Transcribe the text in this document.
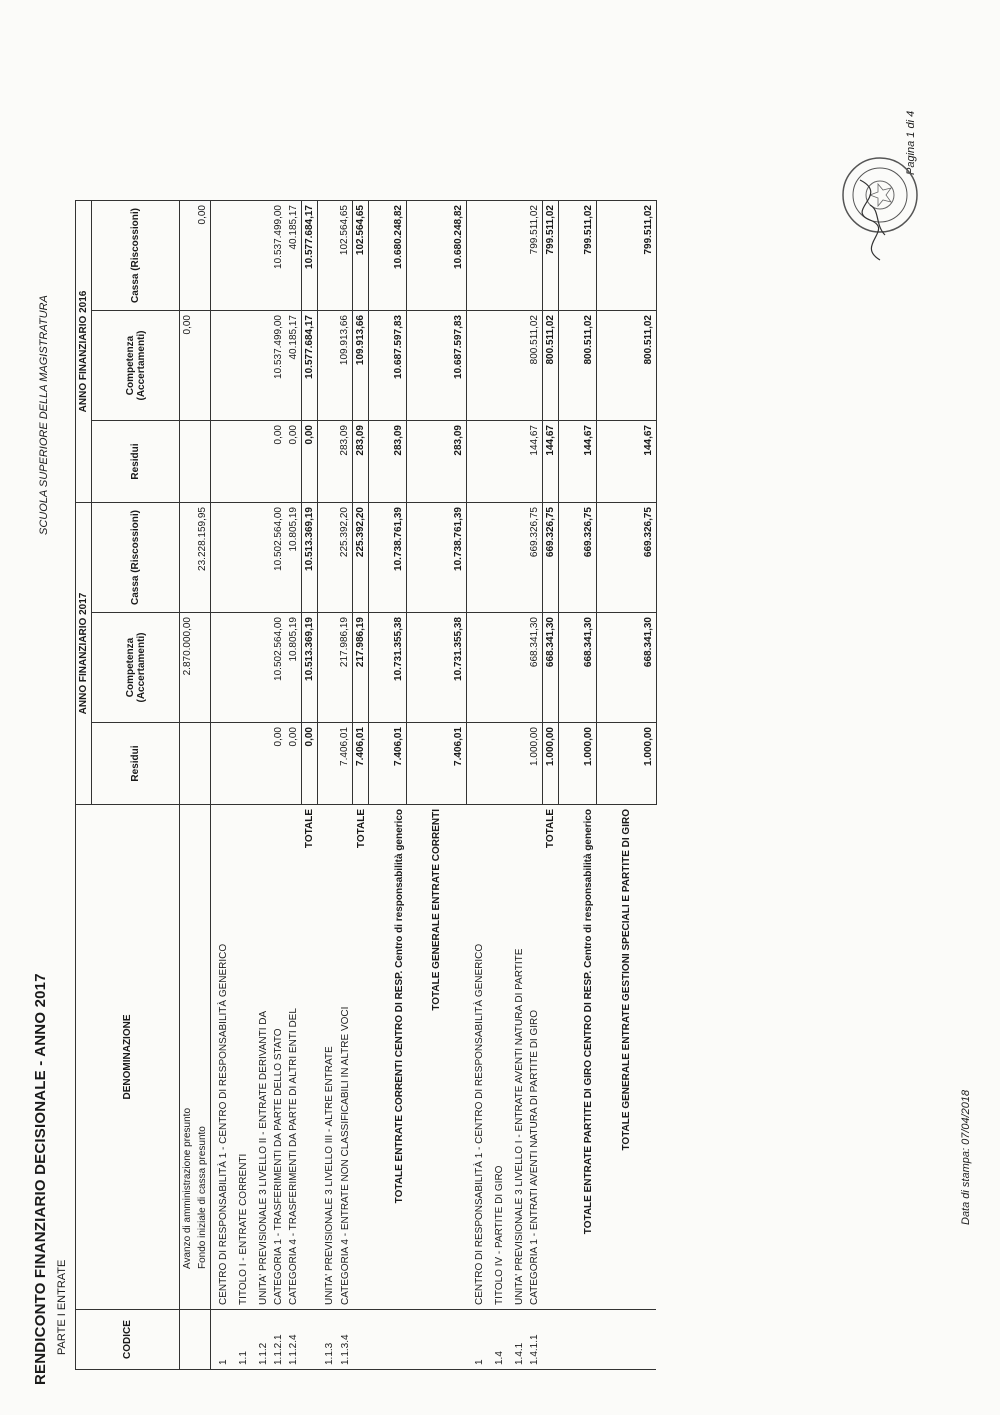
RENDICONTO FINANZIARIO DECISIONALE - ANNO 2017 PARTE I ENTRATE
SCUOLA SUPERIORE DELLA MAGISTRATURA
CODICE	DENOMINAZIONE	ANNO FINANZIARIO 2017			ANNO FINANZIARIO 2016		
		Residui	Competenza (Accertamenti)	Cassa (Riscossioni)	Residui	Competenza (Accertamenti)	Cassa (Riscossioni)
	Avanzo di amministrazione presunto		2.870.000,00			0,00	
	Fondo iniziale di cassa presunto			23.228.159,95			0,00
1	CENTRO DI RESPONSABILITÀ 1 - CENTRO DI RESPONSABILITÀ GENERICO						
1.1	TITOLO I - ENTRATE CORRENTI						
1.1.2	UNITA' PREVISIONALE 3 LIVELLO II - ENTRATE DERIVANTI DA						
1.1.2.1	CATEGORIA 1 - TRASFERIMENTI DA PARTE DELLO STATO	0,00	10.502.564,00	10.502.564,00	0,00	10.537.499,00	10.537.499,00
1.1.2.4	CATEGORIA 4 - TRASFERIMENTI DA PARTE DI ALTRI ENTI DEL	0,00	10.805,19	10.805,19	0,00	40.185,17	40.185,17
	TOTALE	0,00	10.513.369,19	10.513.369,19	0,00	10.577.684,17	10.577.684,17
1.1.3	UNITA' PREVISIONALE 3 LIVELLO III - ALTRE ENTRATE						
1.1.3.4	CATEGORIA 4 - ENTRATE NON CLASSIFICABILI IN ALTRE VOCI	7.406,01	217.986,19	225.392,20	283,09	109.913,66	102.564,65
	TOTALE	7.406,01	217.986,19	225.392,20	283,09	109.913,66	102.564,65
	TOTALE ENTRATE CORRENTI CENTRO DI RESP. Centro di responsabilità generico	7.406,01	10.731.355,38	10.738.761,39	283,09	10.687.597,83	10.680.248,82
	TOTALE GENERALE ENTRATE CORRENTI	7.406,01	10.731.355,38	10.738.761,39	283,09	10.687.597,83	10.680.248,82
1	CENTRO DI RESPONSABILITÀ 1 - CENTRO DI RESPONSABILITÀ GENERICO						
1.4	TITOLO IV - PARTITE DI GIRO						
1.4.1	UNITA' PREVISIONALE 3 LIVELLO I - ENTRATE AVENTI NATURA DI PARTITE						
1.4.1.1	CATEGORIA 1 - ENTRATI AVENTI NATURA DI PARTITE DI GIRO	1.000,00	668.341,30	669.326,75	144,67	800.511,02	799.511,02
	TOTALE	1.000,00	668.341,30	669.326,75	144,67	800.511,02	799.511,02
	TOTALE ENTRATE PARTITE DI GIRO CENTRO DI RESP. Centro di responsabilità generico	1.000,00	668.341,30	669.326,75	144,67	800.511,02	799.511,02
	TOTALE GENERALE ENTRATE GESTIONI SPECIALI E PARTITE DI GIRO	1.000,00	668.341,30	669.326,75	144,67	800.511,02	799.511,02
Data di stampa: 07/04/2018
Pagina 1 di 4
